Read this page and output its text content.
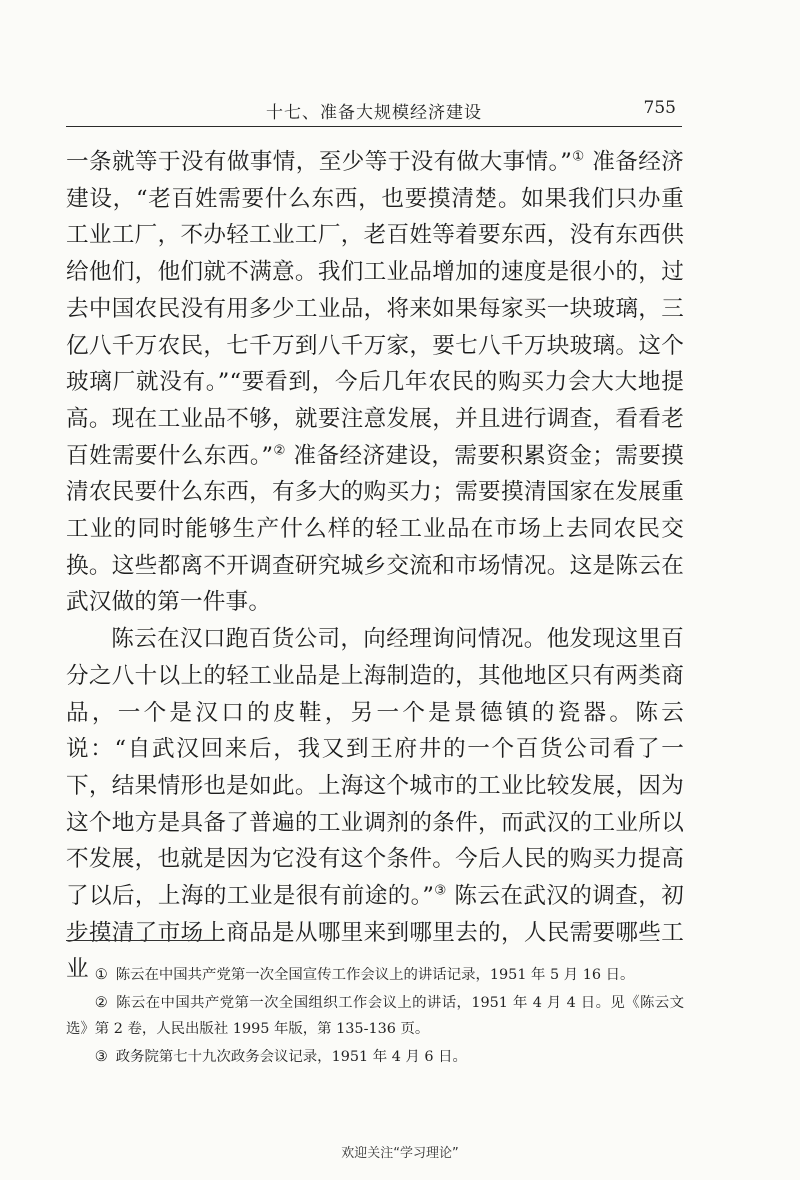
十七、准备大规模经济建设	755

一条就等于没有做事情，至少等于没有做大事情。”① 准备经济建设，“老百姓需要什么东西，也要摸清楚。如果我们只办重工业工厂，不办轻工业工厂，老百姓等着要东西，没有东西供给他们，他们就不满意。我们工业品增加的速度是很小的，过去中国农民没有用多少工业品，将来如果每家买一块玻璃，三亿八千万农民，七千万到八千万家，要七八千万块玻璃。这个玻璃厂就没有。”“要看到，今后几年农民的购买力会大大地提高。现在工业品不够，就要注意发展，并且进行调查，看看老百姓需要什么东西。”② 准备经济建设，需要积累资金；需要摸清农民要什么东西，有多大的购买力；需要摸清国家在发展重工业的同时能够生产什么样的轻工业品在市场上去同农民交换。这些都离不开调查研究城乡交流和市场情况。这是陈云在武汉做的第一件事。

陈云在汉口跑百货公司，向经理询问情况。他发现这里百分之八十以上的轻工业品是上海制造的，其他地区只有两类商品，一个是汉口的皮鞋，另一个是景德镇的瓷器。陈云说：“自武汉回来后，我又到王府井的一个百货公司看了一下，结果情形也是如此。上海这个城市的工业比较发展，因为这个地方是具备了普遍的工业调剂的条件，而武汉的工业所以不发展，也就是因为它没有这个条件。今后人民的购买力提高了以后，上海的工业是很有前途的。”③ 陈云在武汉的调查，初步摸清了市场上商品是从哪里来到哪里去的，人民需要哪些工业 ① 陈云在中国共产党第一次全国宣传工作会议上的讲话记录，1951 年 5 月 16 日。

② 陈云在中国共产党第一次全国组织工作会议上的讲话，1951 年 4 月 4 日。见《陈云文选》第 2 卷，人民出版社 1995 年版，第 135-136 页。

③ 政务院第七十九次政务会议记录，1951 年 4 月 6 日。

欢迎关注“学习理论”
